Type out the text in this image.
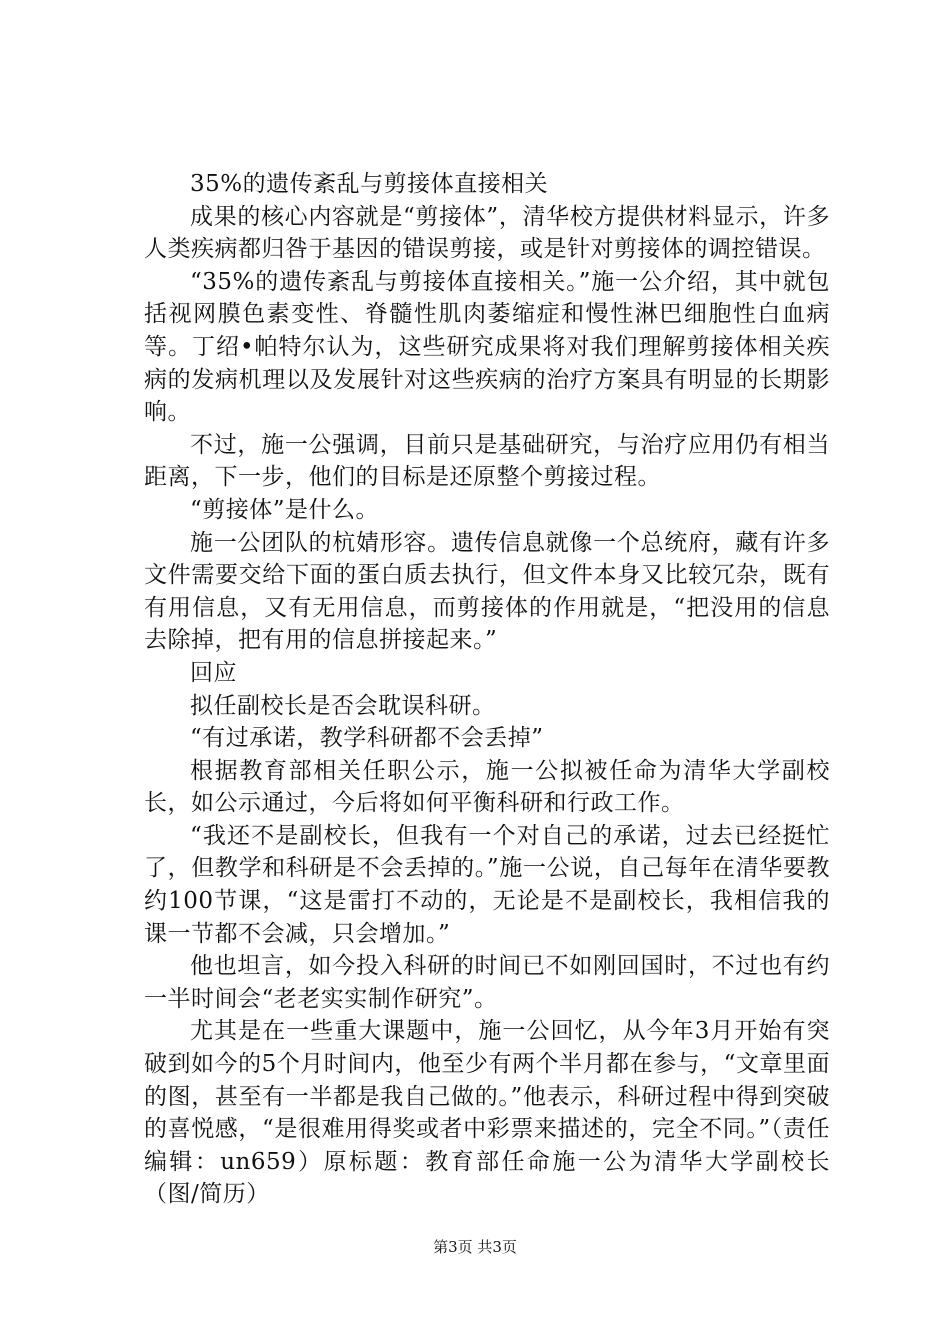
35%的遗传紊乱与剪接体直接相关

成果的核心内容就是“剪接体”，清华校方提供材料显示，许多人类疾病都归咎于基因的错误剪接，或是针对剪接体的调控错误。

“35%的遗传紊乱与剪接体直接相关。”施一公介绍，其中就包括视网膜色素变性、脊髓性肌肉萎缩症和慢性淋巴细胞性白血病等。丁绍•帕特尔认为，这些研究成果将对我们理解剪接体相关疾病的发病机理以及发展针对这些疾病的治疗方案具有明显的长期影响。

不过，施一公强调，目前只是基础研究，与治疗应用仍有相当距离，下一步，他们的目标是还原整个剪接过程。

“剪接体”是什么。

施一公团队的杭婧形容。遗传信息就像一个总统府，藏有许多文件需要交给下面的蛋白质去执行，但文件本身又比较冗杂，既有有用信息，又有无用信息，而剪接体的作用就是，“把没用的信息去除掉，把有用的信息拼接起来。”

回应

拟任副校长是否会耽误科研。

“有过承诺，教学科研都不会丢掉”

根据教育部相关任职公示，施一公拟被任命为清华大学副校长，如公示通过，今后将如何平衡科研和行政工作。

“我还不是副校长，但我有一个对自己的承诺，过去已经挺忙了，但教学和科研是不会丢掉的。”施一公说，自己每年在清华要教约100节课，“这是雷打不动的，无论是不是副校长，我相信我的课一节都不会减，只会增加。”

他也坦言，如今投入科研的时间已不如刚回国时，不过也有约一半时间会“老老实实制作研究”。

尤其是在一些重大课题中，施一公回忆，从今年3月开始有突破到如今的5个月时间内，他至少有两个半月都在参与，“文章里面的图，甚至有一半都是我自己做的。”他表示，科研过程中得到突破的喜悦感，“是很难用得奖或者中彩票来描述的，完全不同。”（责任编辑：un659）原标题：教育部任命施一公为清华大学副校长（图/简历）

第3页 共3页
